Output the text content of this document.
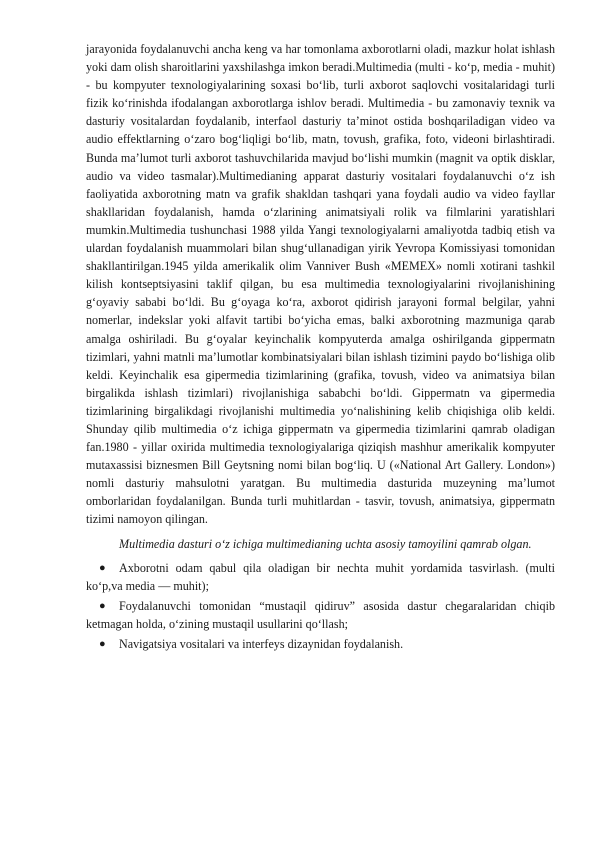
jarayonida foydalanuvchi ancha keng va har tomonlama axborotlarni oladi, mazkur holat ishlash yoki dam olish sharoitlarini yaxshilashga imkon beradi.Multimedia (multi - ko‘p, media - muhit) - bu kompyuter texnologiyalarining soxasi bo‘lib, turli axborot saqlovchi vositalaridagi turli fizik ko‘rinishda ifodalangan axborotlarga ishlov beradi. Multimedia - bu zamonaviy texnik va dasturiy vositalardan foydalanib, interfaol dasturiy ta’minot ostida boshqariladigan video va audio effektlarning o‘zaro bog‘liqligi bo‘lib, matn, tovush, grafika, foto, videoni birlashtiradi. Bunda ma’lumot turli axborot tashuvchilarida mavjud bo‘lishi mumkin (magnit va optik disklar, audio va video tasmalar).Multimedianing apparat dasturiy vositalari foydalanuvchi o‘z ish faoliyatida axborotning matn va grafik shakldan tashqari yana foydali audio va video fayllar shakllaridan foydalanish, hamda o‘zlarining animatsiyali rolik va filmlarini yaratishlari mumkin.Multimedia tushunchasi 1988 yilda Yangi texnologiyalarni amaliyotda tadbiq etish va ulardan foydalanish muammolari bilan shug‘ullanadigan yirik Yevropa Komissiyasi tomonidan shakllantirilgan.1945 yilda amerikalik olim Vanniver Bush «MEMEX» nomli xotirani tashkil kilish kontseptsiyasini taklif qilgan, bu esa multimedia texnologiyalarini rivojlanishining g‘oyaviy sababi bo‘ldi. Bu g‘oyaga ko‘ra, axborot qidirish jarayoni formal belgilar, yahni nomerlar, indekslar yoki alfavit tartibi bo‘yicha emas, balki axborotning mazmuniga qarab amalga oshiriladi. Bu g‘oyalar keyinchalik kompyuterda amalga oshirilganda gippermatn tizimlari, yahni matnli ma’lumotlar kombinatsiyalari bilan ishlash tizimini paydo bo‘lishiga olib keldi. Keyinchalik esa gipermedia tizimlarining (grafika, tovush, video va animatsiya bilan birgalikda ishlash tizimlari) rivojlanishiga sababchi bo‘ldi. Gippermatn va gipermedia tizimlarining birgalikdagi rivojlanishi multimedia yo‘nalishining kelib chiqishiga olib keldi. Shunday qilib multimedia o‘z ichiga gippermatn va gipermedia tizimlarini qamrab oladigan fan.1980 - yillar oxirida multimedia texnologiyalariga qiziqish mashhur amerikalik kompyuter mutaxassisi biznesmen Bill Geytsning nomi bilan bog‘liq. U («National Art Gallery. London») nomli dasturiy mahsulotni yaratgan. Bu multimedia dasturida muzeyning ma’lumot omborlaridan foydalanilgan. Bunda turli muhitlardan - tasvir, tovush, animatsiya, gippermatn tizimi namoyon qilingan.

Multimedia dasturi o‘z ichiga multimedianing uchta asosiy tamoyilini qamrab olgan.

● Axborotni odam qabul qila oladigan bir nechta muhit yordamida tasvirlash. (multi ko‘p,va media — muhit);
● Foydalanuvchi tomonidan “mustaqil qidiruv” asosida dastur chegaralaridan chiqib ketmagan holda, o‘zining mustaqil usullarini qo‘llash;
● Navigatsiya vositalari va interfeys dizaynidan foydalanish.
